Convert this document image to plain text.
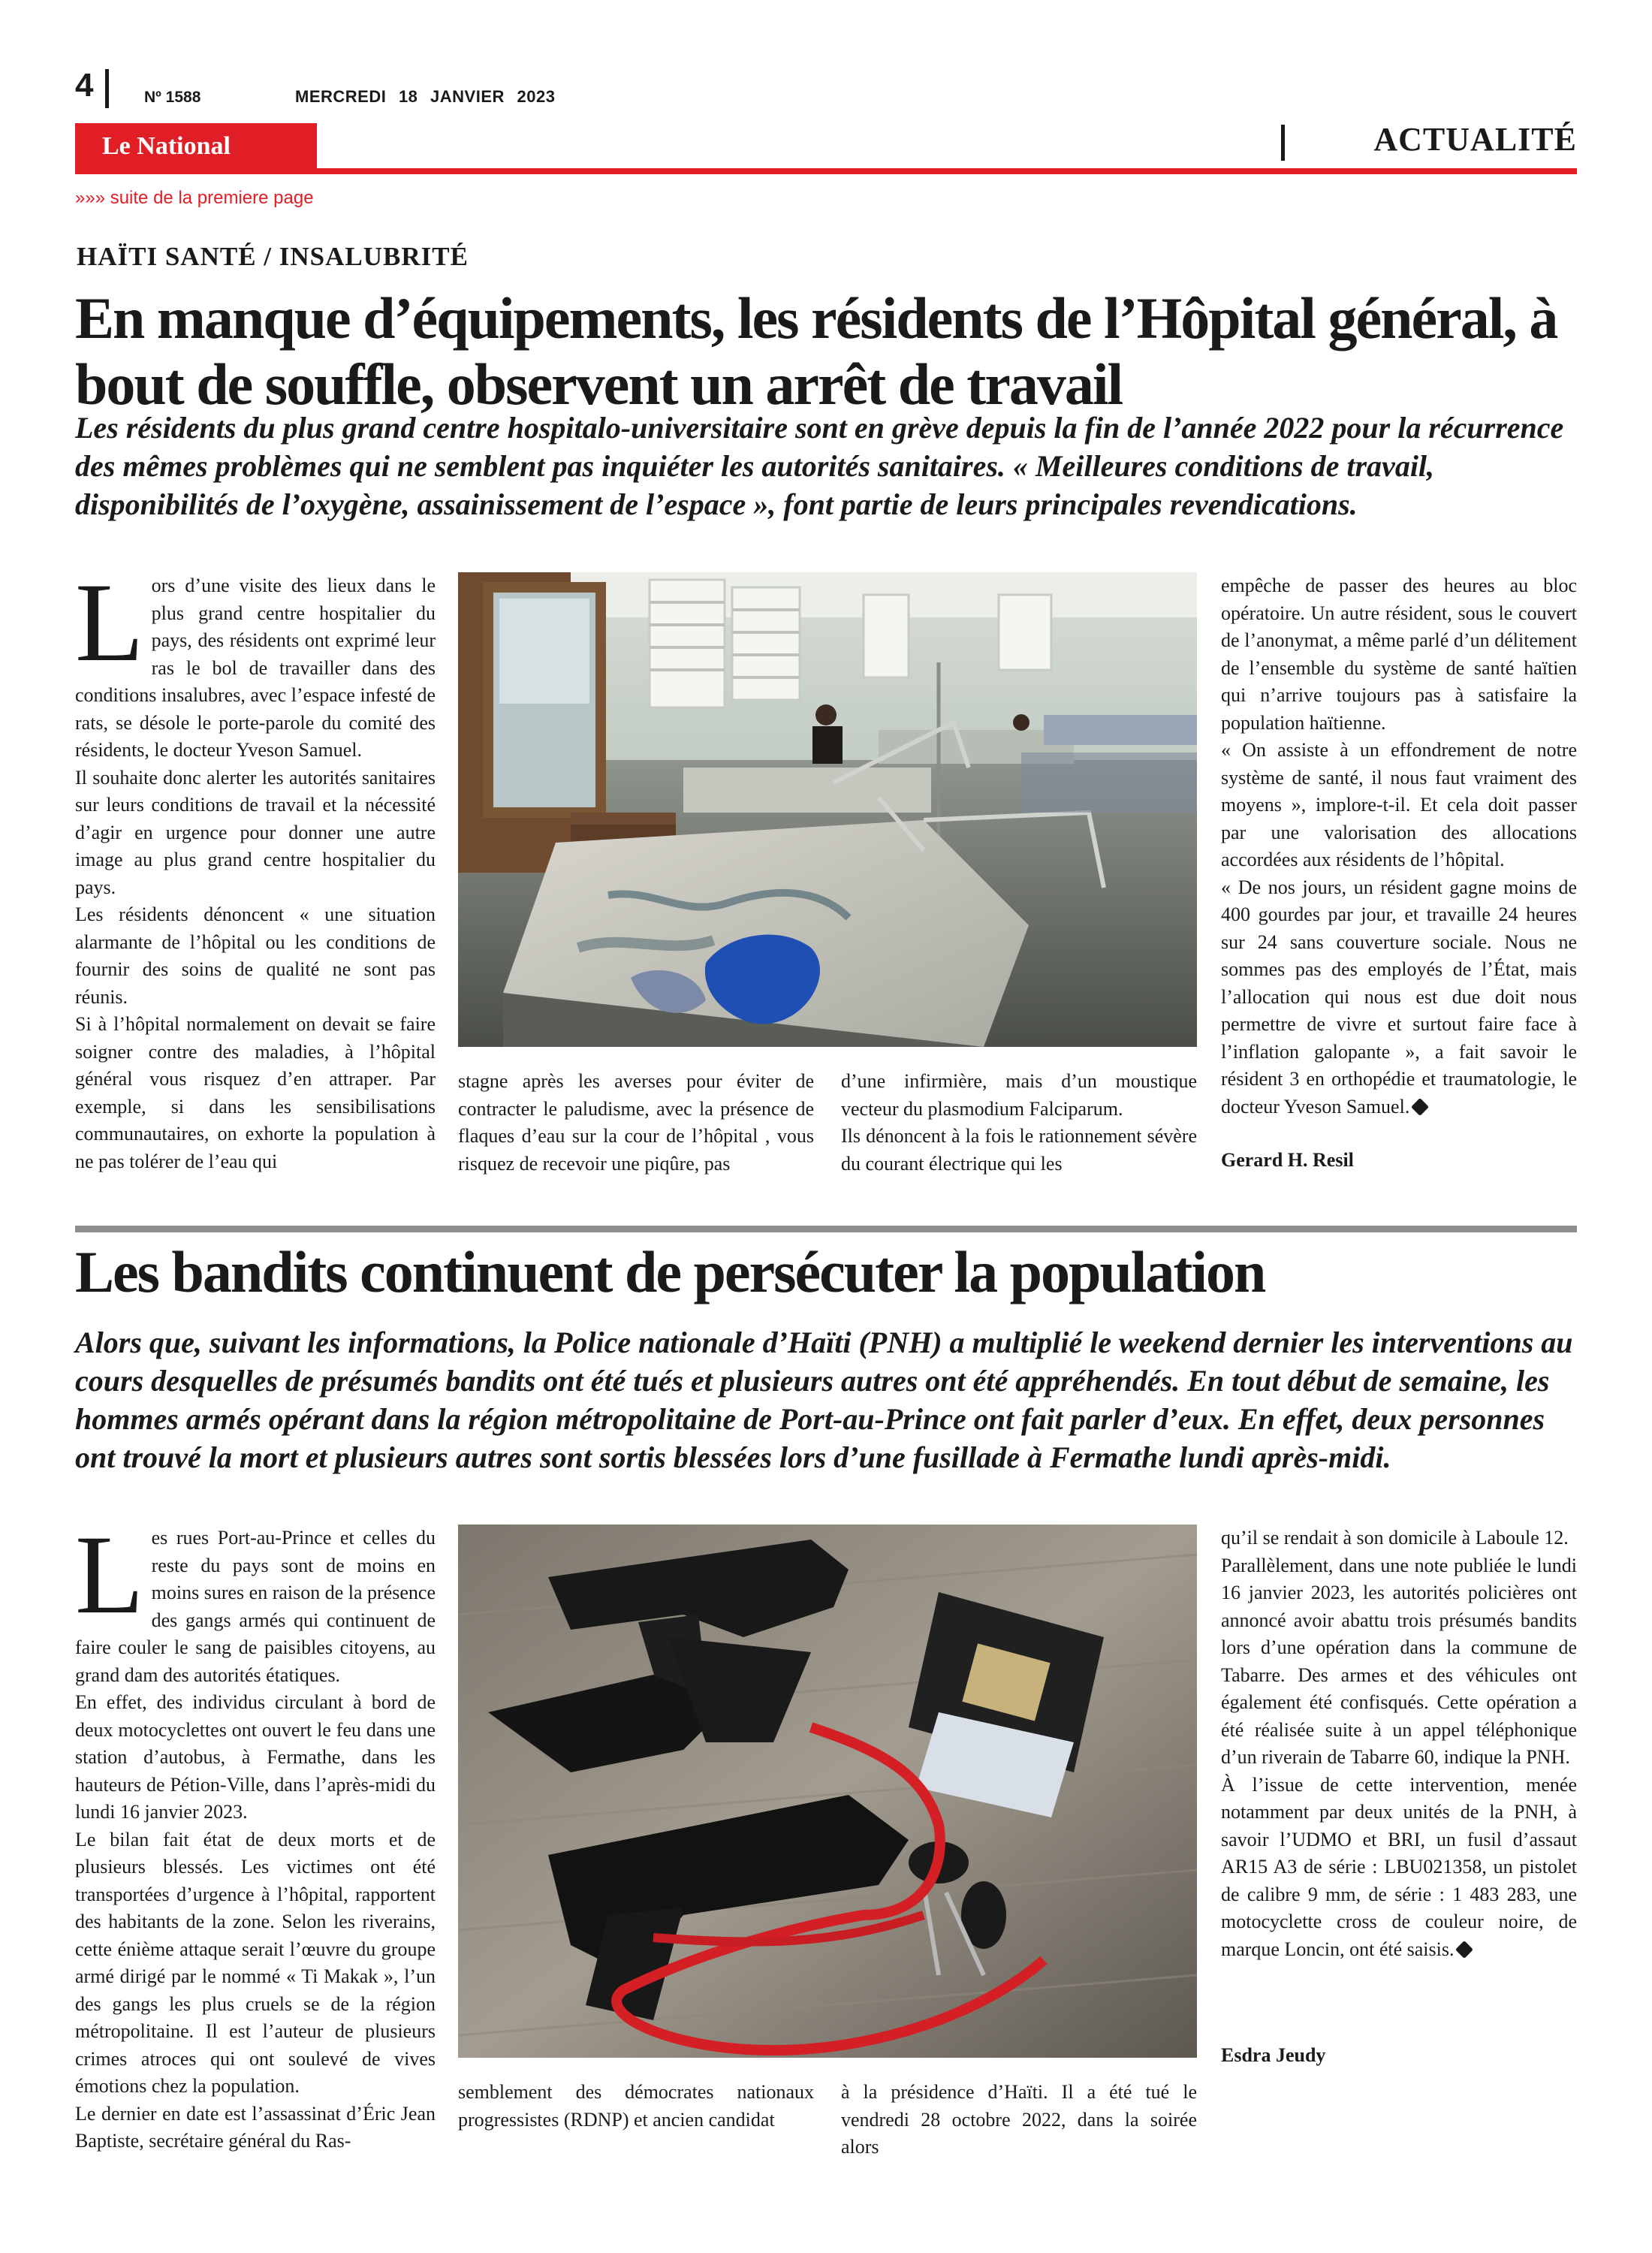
4	Nº 1588	MERCREDI 18 JANVIER 2023
Le National	ACTUALITÉ
»»» suite de la premiere page
HAÏTI SANTÉ / INSALUBRITÉ
En manque d’équipements, les résidents de l’Hôpital général, à bout de souffle, observent un arrêt de travail
Les résidents du plus grand centre hospitalo-universitaire sont en grève depuis la fin de l’année 2022 pour la récurrence des mêmes problèmes qui ne semblent pas inquiéter les autorités sanitaires. « Meilleures conditions de travail, disponibilités de l’oxygène, assainissement de l’espace », font partie de leurs principales revendications.
L ors d’une visite des lieux dans le plus grand centre hospitalier du pays, des résidents ont exprimé leur ras le bol de travailler dans des conditions insalubres, avec l’espace infesté de rats, se désole le porte-parole du comité des résidents, le docteur Yveson Samuel.

Il souhaite donc alerter les autorités sanitaires sur leurs conditions de travail et la nécessité d’agir en urgence pour donner une autre image au plus grand centre hospitalier du pays.

Les résidents dénoncent « une situation alarmante de l’hôpital ou les conditions de fournir des soins de qualité ne sont pas réunis.

Si à l’hôpital normalement on devait se faire soigner contre des maladies, à l’hôpital général vous risquez d’en attraper. Par exemple, si dans les sensibilisations communautaires, on exhorte la population à ne pas tolérer de l’eau qui

stagne après les averses pour éviter de contracter le paludisme, avec la présence de flaques d’eau sur la cour de l’hôpital , vous risquez de recevoir une piqûre, pas

d’une infirmière, mais d’un moustique vecteur du plasmodium Falciparum.

Ils dénoncent à la fois le rationnement sévère du courant électrique qui les

empêche de passer des heures au bloc opératoire. Un autre résident, sous le couvert de l’anonymat, a même parlé d’un délitement de l’ensemble du système de santé haïtien qui n’arrive toujours pas à satisfaire la population haïtienne.

« On assiste à un effondrement de notre système de santé, il nous faut vraiment des moyens », implore-t-il. Et cela doit passer par une valorisation des allocations accordées aux résidents de l’hôpital.

« De nos jours, un résident gagne moins de 400 gourdes par jour, et travaille 24 heures sur 24 sans couverture sociale. Nous ne sommes pas des employés de l’État, mais l’allocation qui nous est due doit nous permettre de vivre et surtout faire face à l’inflation galopante », a fait savoir le résident 3 en orthopédie et traumatologie, le docteur Yveson Samuel.

Gerard H. Resil
Les bandits continuent de persécuter la population
Alors que, suivant les informations, la Police nationale d’Haïti (PNH) a multiplié le weekend dernier les interventions au cours desquelles de présumés bandits ont été tués et plusieurs autres ont été appréhendés. En tout début de semaine, les hommes armés opérant dans la région métropolitaine de Port-au-Prince ont fait parler d’eux. En effet, deux personnes ont trouvé la mort et plusieurs autres sont sortis blessées lors d’une fusillade à Fermathe lundi après-midi.
L es rues Port-au-Prince et celles du reste du pays sont de moins en moins sures en raison de la présence des gangs armés qui continuent de faire couler le sang de paisibles citoyens, au grand dam des autorités étatiques.

En effet, des individus circulant à bord de deux motocyclettes ont ouvert le feu dans une station d’autobus, à Fermathe, dans les hauteurs de Pétion-Ville, dans l’après-midi du lundi 16 janvier 2023.

Le bilan fait état de deux morts et de plusieurs blessés. Les victimes ont été transportées d’urgence à l’hôpital, rapportent des habitants de la zone. Selon les riverains, cette énième attaque serait l’œuvre du groupe armé dirigé par le nommé « Ti Makak », l’un des gangs les plus cruels se de la région métropolitaine. Il est l’auteur de plusieurs crimes atroces qui ont soulevé de vives émotions chez la population.

Le dernier en date est l’assassinat d’Éric Jean Baptiste, secrétaire général du Ras-

semblement des démocrates nationaux progressistes (RDNP) et ancien candidat

à la présidence d’Haïti. Il a été tué le vendredi 28 octobre 2022, dans la soirée alors

qu’il se rendait à son domicile à Laboule 12.

Parallèlement, dans une note publiée le lundi 16 janvier 2023, les autorités policières ont annoncé avoir abattu trois présumés bandits lors d’une opération dans la commune de Tabarre. Des armes et des véhicules ont également été confisqués. Cette opération a été réalisée suite à un appel téléphonique d’un riverain de Tabarre 60, indique la PNH.

À l’issue de cette intervention, menée notamment par deux unités de la PNH, à savoir l’UDMO et BRI, un fusil d’assaut AR15 A3 de série : LBU021358, un pistolet de calibre 9 mm, de série : 1 483 283, une motocyclette cross de couleur noire, de marque Loncin, ont été saisis.

Esdra Jeudy
